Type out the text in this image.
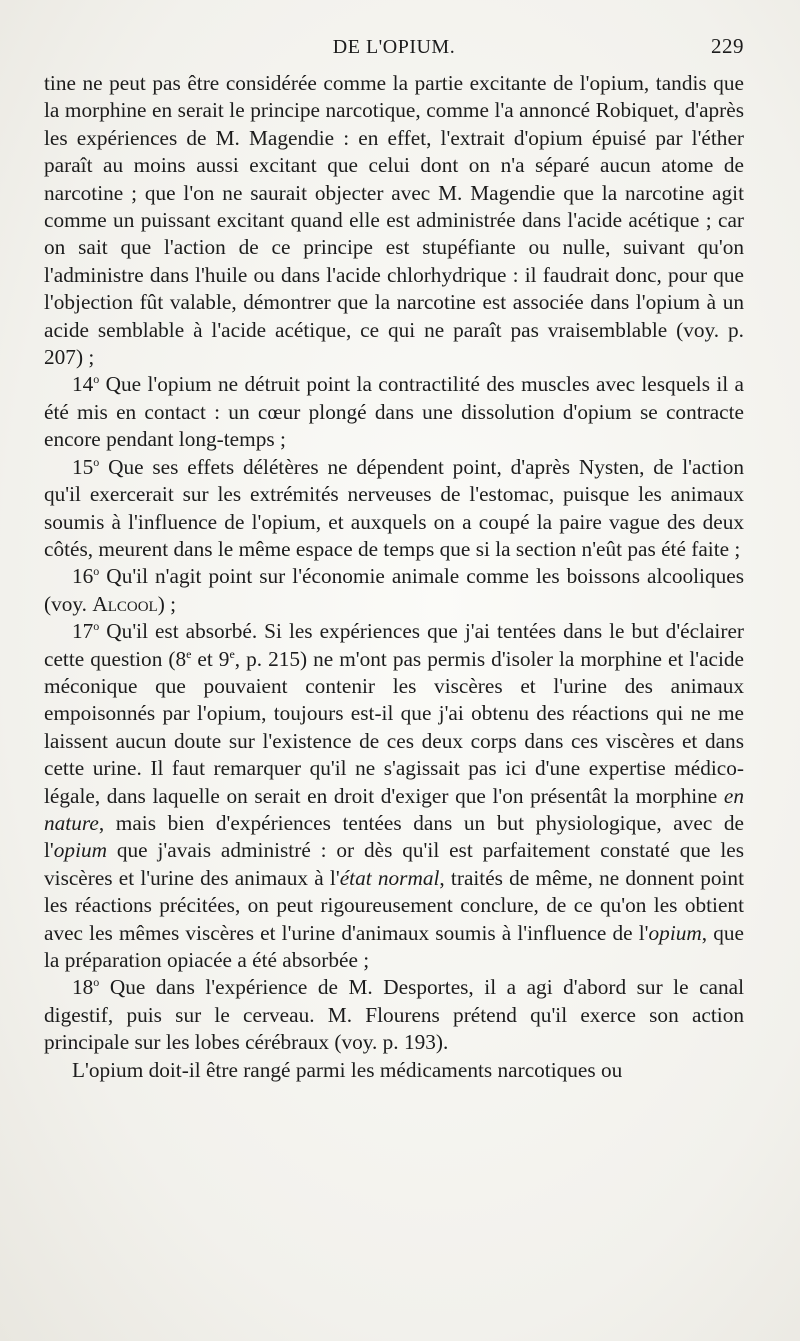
DE L'OPIUM.	229

tine ne peut pas être considérée comme la partie excitante de l'opium, tandis que la morphine en serait le principe narcotique, comme l'a annoncé Robiquet, d'après les expériences de M. Magendie : en effet, l'extrait d'opium épuisé par l'éther paraît au moins aussi excitant que celui dont on n'a séparé aucun atome de narcotine ; que l'on ne saurait objecter avec M. Magendie que la narcotine agit comme un puissant excitant quand elle est administrée dans l'acide acétique ; car on sait que l'action de ce principe est stupéfiante ou nulle, suivant qu'on l'administre dans l'huile ou dans l'acide chlorhydrique : il faudrait donc, pour que l'objection fût valable, démontrer que la narcotine est associée dans l'opium à un acide semblable à l'acide acétique, ce qui ne paraît pas vraisemblable (voy. p. 207) ;

14$^o$ Que l'opium ne détruit point la contractilité des muscles avec lesquels il a été mis en contact : un cœur plongé dans une dissolution d'opium se contracte encore pendant long-temps ;

15$^o$ Que ses effets délétères ne dépendent point, d'après Nysten, de l'action qu'il exercerait sur les extrémités nerveuses de l'estomac, puisque les animaux soumis à l'influence de l'opium, et auxquels on a coupé la paire vague des deux côtés, meurent dans le même espace de temps que si la section n'eût pas été faite ;

16$^o$ Qu'il n'agit point sur l'économie animale comme les boissons alcooliques (voy. Alcool) ;

17$^o$ Qu'il est absorbé. Si les expériences que j'ai tentées dans le but d'éclairer cette question (8e et 9e, p. 215) ne m'ont pas permis d'isoler la morphine et l'acide méconique que pouvaient contenir les viscères et l'urine des animaux empoisonnés par l'opium, toujours est-il que j'ai obtenu des réactions qui ne me laissent aucun doute sur l'existence de ces deux corps dans ces viscères et dans cette urine. Il faut remarquer qu'il ne s'agissait pas ici d'une expertise médico-légale, dans laquelle on serait en droit d'exiger que l'on présentât la morphine en nature, mais bien d'expériences tentées dans un but physiologique, avec de l'opium que j'avais administré : or dès qu'il est parfaitement constaté que les viscères et l'urine des animaux à l'état normal, traités de même, ne donnent point les réactions précitées, on peut rigoureusement conclure, de ce qu'on les obtient avec les mêmes viscères et l'urine d'animaux soumis à l'influence de l'opium, que la préparation opiacée a été absorbée ;

18$^o$ Que dans l'expérience de M. Desportes, il a agi d'abord sur le canal digestif, puis sur le cerveau. M. Flourens prétend qu'il exerce son action principale sur les lobes cérébraux (voy. p. 193).

L'opium doit-il être rangé parmi les médicaments narcotiques ou
